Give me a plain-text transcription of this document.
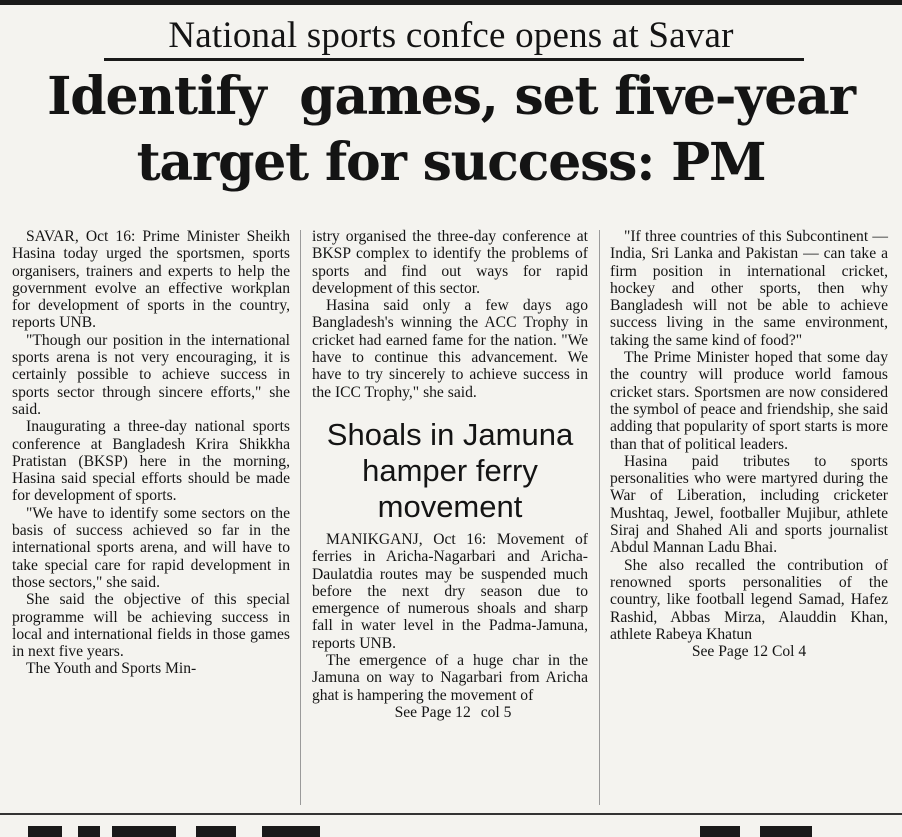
National sports confce opens at Savar
Identify  games, set five-year
target for success: PM

SAVAR, Oct 16: Prime Minister Sheikh Hasina today urged the sportsmen, sports organisers, trainers and experts to help the government evolve an effective workplan for development of sports in the country, reports UNB.

"Though our position in the international sports arena is not very encouraging, it is certainly possible to achieve success in sports sector through sincere efforts," she said.

Inaugurating a three-day national sports conference at Bangladesh Krira Shikkha Pratistan (BKSP) here in the morning, Hasina said special efforts should be made for development of sports.

"We have to identify some sectors on the basis of success achieved so far in the international sports arena, and will have to take special care for rapid development in those sectors," she said.

She said the objective of this special programme will be achieving success in local and international fields in those games in next five years.

The Youth and Sports Min-

istry organised the three-day conference at BKSP complex to identify the problems of sports and find out ways for rapid development of this sector.

Hasina said only a few days ago Bangladesh's winning the ACC Trophy in cricket had earned fame for the nation. "We have to continue this advancement. We have to try sincerely to achieve success in the ICC Trophy," she said.

Shoals in Jamuna
hamper ferry
movement

MANIKGANJ, Oct 16: Movement of ferries in Aricha-Nagarbari and Aricha-Daulatdia routes may be suspended much before the next dry season due to emergence of numerous shoals and sharp fall in water level in the Padma-Jamuna, reports UNB.

The emergence of a huge char in the Jamuna on way to Nagarbari from Aricha ghat is hampering the movement of

See Page 12 col 5

"If three countries of this Subcontinent — India, Sri Lanka and Pakistan — can take a firm position in international cricket, hockey and other sports, then why Bangladesh will not be able to achieve success living in the same environment, taking the same kind of food?"

The Prime Minister hoped that some day the country will produce world famous cricket stars. Sportsmen are now considered the symbol of peace and friendship, she said adding that popularity of sport starts is more than that of political leaders.

Hasina paid tributes to sports personalities who were martyred during the War of Liberation, including cricketer Mushtaq, Jewel, footballer Mujibur, athlete Siraj and Shahed Ali and sports journalist Abdul Mannan Ladu Bhai.

She also recalled the contribution of renowned sports personalities of the country, like football legend Samad, Hafez Rashid, Abbas Mirza, Alauddin Khan, athlete Rabeya Khatun

See Page 12 Col 4
